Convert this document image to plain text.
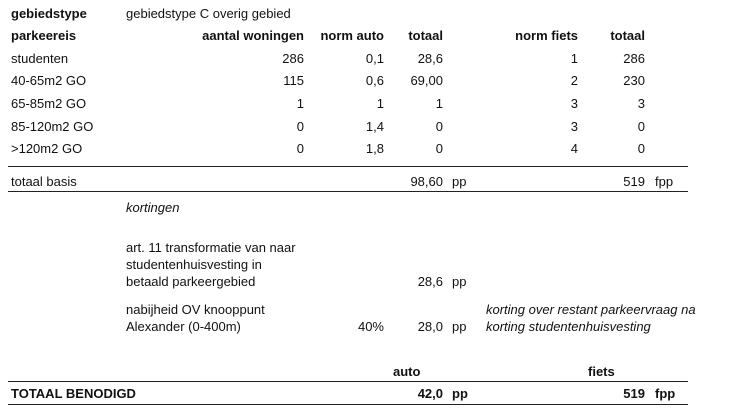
gebiedstype	gebiedstype C overig gebied
parkeereis	aantal woningen	norm auto	totaal	norm fiets	totaal
studenten	286	0,1	28,6	1	286
40-65m2 GO	115	0,6	69,00	2	230
65-85m2 GO	1	1	1	3	3
85-120m2 GO	0	1,4	0	3	0
>120m2 GO	0	1,8	0	4	0
totaal basis	98,60 pp	519 fpp
kortingen
art. 11 transformatie van naar
studentenhuisvesting in
betaald parkeergebied	28,6 pp
nabijheid OV knooppunt
Alexander (0-400m)	40%	28,0 pp
korting over restant parkeervraag na
korting studentenhuisvesting
auto	fiets
TOTAAL BENODIGD	42,0 pp	519 fpp
